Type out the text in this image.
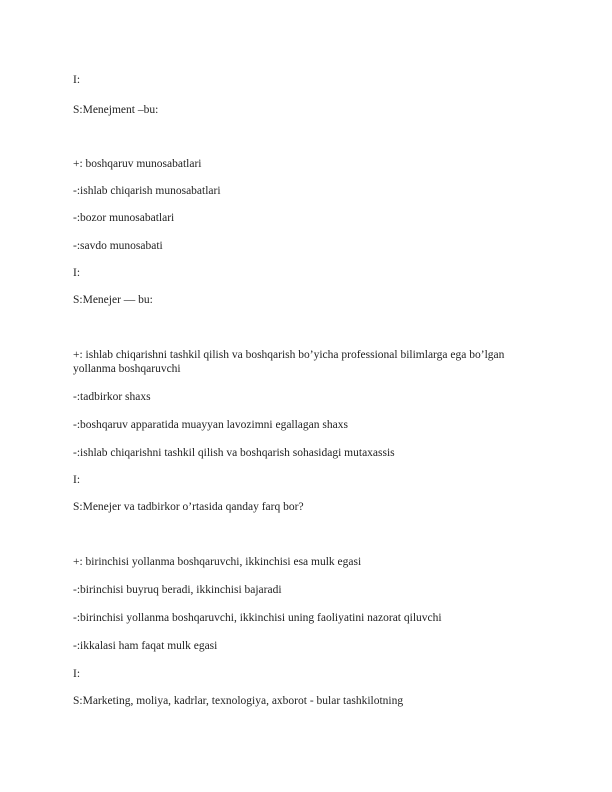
I:
S:Menejment –bu:
+: boshqaruv munosabatlari
-:ishlab chiqarish munosabatlari
-:bozor munosabatlari
-:savdo munosabati
I:
S:Menejer — bu:
+: ishlab chiqarishni tashkil qilish va boshqarish bo’yicha professional bilimlarga ega bo’lgan yollanma boshqaruvchi
-:tadbirkor shaxs
-:boshqaruv apparatida muayyan lavozimni egallagan shaxs
-:ishlab chiqarishni tashkil qilish va boshqarish sohasidagi mutaxassis
I:
S:Menejer va tadbirkor o’rtasida qanday farq bor?
+: birinchisi yollanma boshqaruvchi, ikkinchisi esa mulk egasi
-:birinchisi buyruq beradi, ikkinchisi bajaradi
-:birinchisi yollanma boshqaruvchi, ikkinchisi uning faoliyatini nazorat qiluvchi
-:ikkalasi ham faqat mulk egasi
I:
S:Marketing, moliya, kadrlar, texnologiya, axborot - bular tashkilotning
